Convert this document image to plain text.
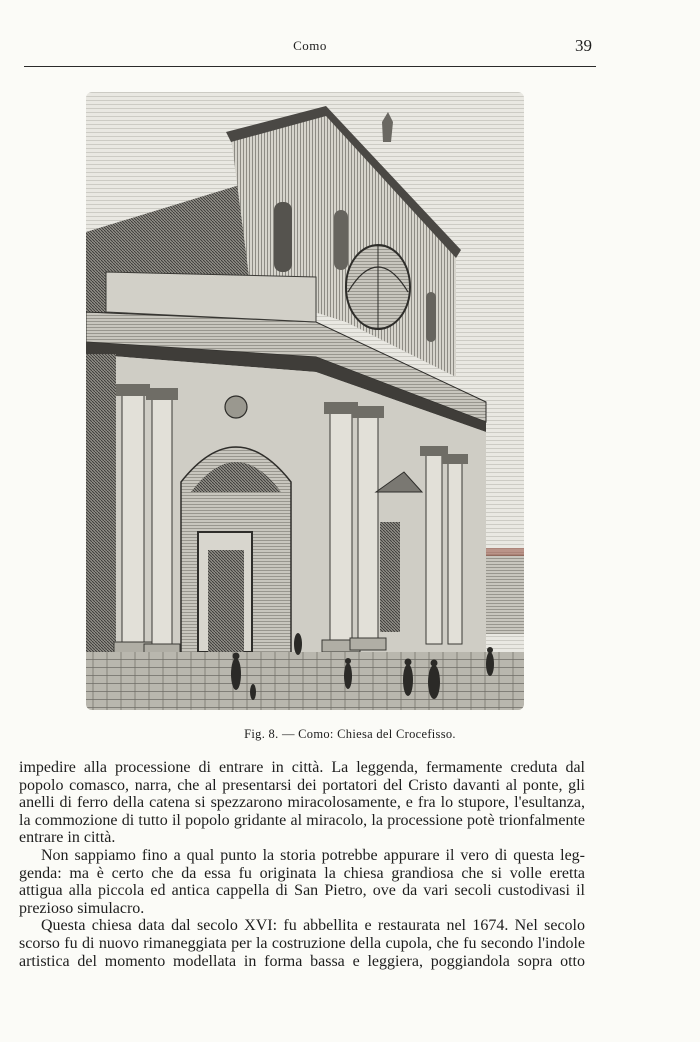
Como	39
Fig. 8. — Como: Chiesa del Crocefisso.

impedire alla processione di entrare in città. La leggenda, fermamente creduta dal
popolo comasco, narra, che al presentarsi dei portatori del Cristo davanti al ponte, gli
anelli di ferro della catena si spezzarono miracolosamente, e fra lo stupore, l'esultanza,
la commozione di tutto il popolo gridante al miracolo, la processione potè trionfalmente
entrare in città.

Non sappiamo fino a qual punto la storia potrebbe appurare il vero di questa leg-
genda: ma è certo che da essa fu originata la chiesa grandiosa che si volle eretta
attigua alla piccola ed antica cappella di San Pietro, ove da vari secoli custodivasi il
prezioso simulacro.

Questa chiesa data dal secolo XVI: fu abbellita e restaurata nel 1674. Nel secolo
scorso fu di nuovo rimaneggiata per la costruzione della cupola, che fu secondo l'indole
artistica del momento modellata in forma bassa e leggiera, poggiandola sopra otto
